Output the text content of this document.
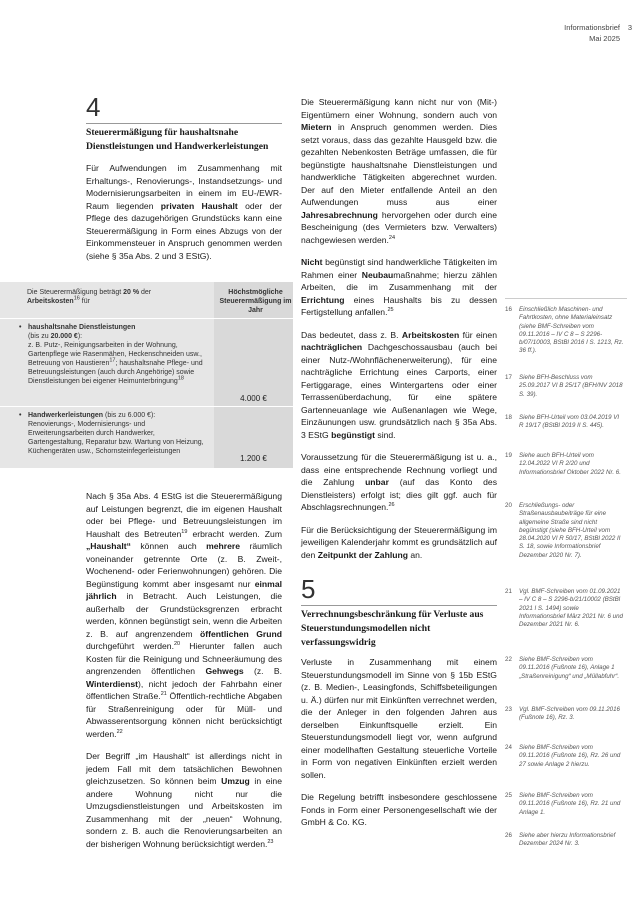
Informationsbrief
Mai 2025
3
4
Steuerermäßigung für haushaltsnahe Dienstleistungen und Handwerkerleistungen

Für Aufwendungen im Zusammenhang mit Erhaltungs-, Renovierungs-, Instandsetzungs- und Modernisierungsarbeiten in einem im EU-/EWR-Raum liegenden privaten Haushalt oder der Pflege des dazugehörigen Grundstücks kann eine Steuerermäßigung in Form eines Abzugs von der Einkommensteuer in Anspruch genommen werden (siehe § 35a Abs. 2 und 3 EStG).

Die Steuerermäßigung beträgt 20 % der
Arbeitskosten$^{16}$ für
Höchstmögliche Steuerermäßigung im Jahr
• haushaltsnahe Dienstleistungen
(bis zu 20.000 €):
z. B. Putz-, Reinigungsarbeiten in der Wohnung, Gartenpflege wie Rasenmähen, Heckenschneiden usw., Betreuung von Haustieren$^{17}$; haushaltsnahe Pflege- und Betreuungsleistungen (auch durch Angehörige) sowie Dienstleistungen bei eigener Heimunterbringung$^{18}$
4.000 €
• Handwerkerleistungen (bis zu 6.000 €):
Renovierungs-, Modernisierungs- und Erweiterungsarbeiten durch Handwerker, Gartengestaltung, Reparatur bzw. Wartung von Heizung, Küchengeräten usw., Schornsteinfegerleistungen
1.200 €

Nach § 35a Abs. 4 EStG ist die Steuerermäßigung auf Leistungen begrenzt, die im eigenen Haushalt oder bei Pflege- und Betreuungsleistungen im Haushalt des Betreuten$^{19}$ erbracht werden. Zum „Haushalt“ können auch mehrere räumlich voneinander getrennte Orte (z. B. Zweit-, Wochenend- oder Ferienwohnungen) gehören. Die Begünstigung kommt aber insgesamt nur einmal jährlich in Betracht. Auch Leistungen, die außerhalb der Grundstücksgrenzen erbracht werden, können begünstigt sein, wenn die Arbeiten z. B. auf angrenzendem öffentlichen Grund durchgeführt werden.$^{20}$ Hierunter fallen auch Kosten für die Reinigung und Schneeräumung des angrenzenden öffentlichen Gehwegs (z. B. Winterdienst), nicht jedoch der Fahrbahn einer öffentlichen Straße.$^{21}$ Öffentlich-rechtliche Abgaben für Straßenreinigung oder für Müll- und Abwasserentsorgung können nicht berücksichtigt werden.$^{22}$

Der Begriff „im Haushalt“ ist allerdings nicht in jedem Fall mit dem tatsächlichen Bewohnen gleichzusetzen. So können beim Umzug in eine andere Wohnung nicht nur die Umzugsdienstleistungen und Arbeitskosten im Zusammenhang mit der „neuen“ Wohnung, sondern z. B. auch die Renovierungsarbeiten an der bisherigen Wohnung berücksichtigt werden.$^{23}$

Die Steuerermäßigung kann nicht nur von (Mit-) Eigentümern einer Wohnung, sondern auch von Mietern in Anspruch genommen werden. Dies setzt voraus, dass das gezahlte Hausgeld bzw. die gezahlten Nebenkosten Beträge umfassen, die für begünstigte haushaltsnahe Dienstleistungen und handwerkliche Tätigkeiten abgerechnet wurden. Der auf den Mieter entfallende Anteil an den Aufwendungen muss aus einer Jahresabrechnung hervorgehen oder durch eine Bescheinigung (des Vermieters bzw. Verwalters) nachgewiesen werden.$^{24}$

Nicht begünstigt sind handwerkliche Tätigkeiten im Rahmen einer Neubaumaßnahme; hierzu zählen Arbeiten, die im Zusammenhang mit der Errichtung eines Haushalts bis zu dessen Fertigstellung anfallen.$^{25}$

Das bedeutet, dass z. B. Arbeitskosten für einen nachträglichen Dachgeschossausbau (auch bei einer Nutz-/Wohnflächenerweiterung), für eine nachträgliche Errichtung eines Carports, einer Fertiggarage, eines Wintergartens oder einer Terrassenüberdachung, für eine spätere Gartenneuanlage wie Außenanlagen wie Wege, Einzäunungen usw. grundsätzlich nach § 35a Abs. 3 EStG begünstigt sind.

Voraussetzung für die Steuerermäßigung ist u. a., dass eine entsprechende Rechnung vorliegt und die Zahlung unbar (auf das Konto des Dienstleisters) erfolgt ist; dies gilt ggf. auch für Abschlagsrechnungen.$^{26}$

Für die Berücksichtigung der Steuerermäßigung im jeweiligen Kalenderjahr kommt es grundsätzlich auf den Zeitpunkt der Zahlung an.

5
Verrechnungsbeschränkung für Verluste aus Steuerstundungsmodellen nicht verfassungswidrig

Verluste in Zusammenhang mit einem Steuerstundungsmodell im Sinne von § 15b EStG (z. B. Medien-, Leasingfonds, Schiffsbeteiligungen u. Ä.) dürfen nur mit Einkünften verrechnet werden, die der Anleger in den folgenden Jahren aus derselben Einkunftsquelle erzielt. Ein Steuerstundungsmodell liegt vor, wenn aufgrund einer modellhaften Gestaltung steuerliche Vorteile in Form von negativen Einkünften erzielt werden sollen.

Die Regelung betrifft insbesondere geschlossene Fonds in Form einer Personengesellschaft wie der GmbH & Co. KG.

16 Einschließlich Maschinen- und Fahrtkosten, ohne Materialeinsatz (siehe BMF-Schreiben vom 09.11.2016 – IV C 8 – S 2296-b/07/10003, BStBl 2016 I S. 1213, Rz. 36 ff.).
17 Siehe BFH-Beschluss vom 25.09.2017 VI B 25/17 (BFH/NV 2018 S. 39).
18 Siehe BFH-Urteil vom 03.04.2019 VI R 19/17 (BStBl 2019 II S. 445).
19 Siehe auch BFH-Urteil vom 12.04.2022 VI R 2/20 und Informationsbrief Oktober 2022 Nr. 6.
20 Erschließungs- oder Straßenausbaubeiträge für eine allgemeine Straße sind nicht begünstigt (siehe BFH-Urteil vom 28.04.2020 VI R 50/17, BStBl 2022 II S. 18, sowie Informationsbrief Dezember 2020 Nr. 7).
21 Vgl. BMF-Schreiben vom 01.09.2021 – IV C 8 – S 2296-b/21/10002 (BStBl 2021 I S. 1494) sowie Informationsbrief März 2021 Nr. 6 und Dezember 2021 Nr. 6.
22 Siehe BMF-Schreiben vom 09.11.2016 (Fußnote 16), Anlage 1 „Straßenreinigung“ und „Müllabfuhr“.
23 Vgl. BMF-Schreiben vom 09.11.2016 (Fußnote 16), Rz. 3.
24 Siehe BMF-Schreiben vom 09.11.2016 (Fußnote 16), Rz. 26 und 27 sowie Anlage 2 hierzu.
25 Siehe BMF-Schreiben vom 09.11.2016 (Fußnote 16), Rz. 21 und Anlage 1.
26 Siehe aber hierzu Informationsbrief Dezember 2024 Nr. 3.
